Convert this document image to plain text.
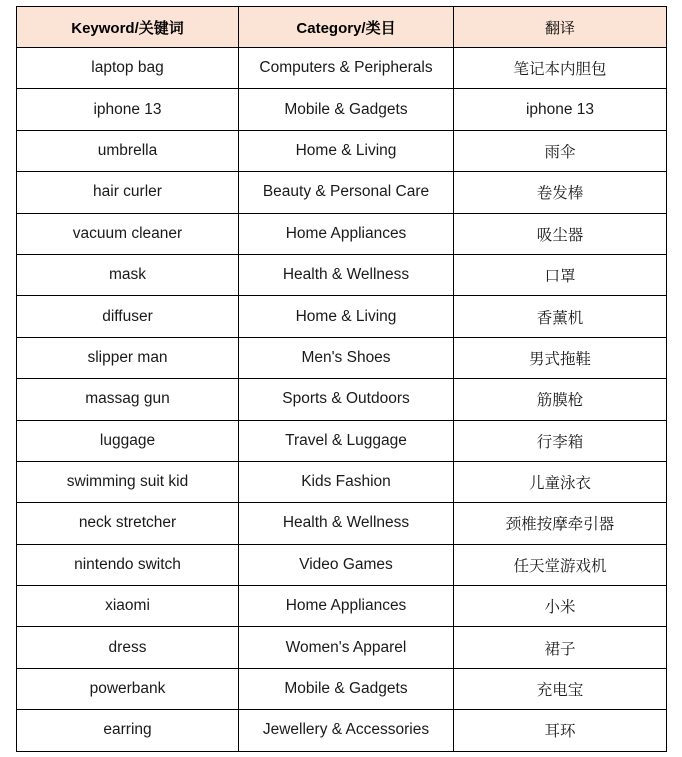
Keyword/关键词	Category/类目	翻译
laptop bag	Computers & Peripherals	笔记本内胆包
iphone 13	Mobile & Gadgets	iphone 13
umbrella	Home & Living	雨伞
hair curler	Beauty & Personal Care	卷发棒
vacuum cleaner	Home Appliances	吸尘器
mask	Health & Wellness	口罩
diffuser	Home & Living	香薰机
slipper man	Men's Shoes	男式拖鞋
massag gun	Sports & Outdoors	筋膜枪
luggage	Travel & Luggage	行李箱
swimming suit kid	Kids Fashion	儿童泳衣
neck stretcher	Health & Wellness	颈椎按摩牵引器
nintendo switch	Video Games	任天堂游戏机
xiaomi	Home Appliances	小米
dress	Women's Apparel	裙子
powerbank	Mobile & Gadgets	充电宝
earring	Jewellery & Accessories	耳环
